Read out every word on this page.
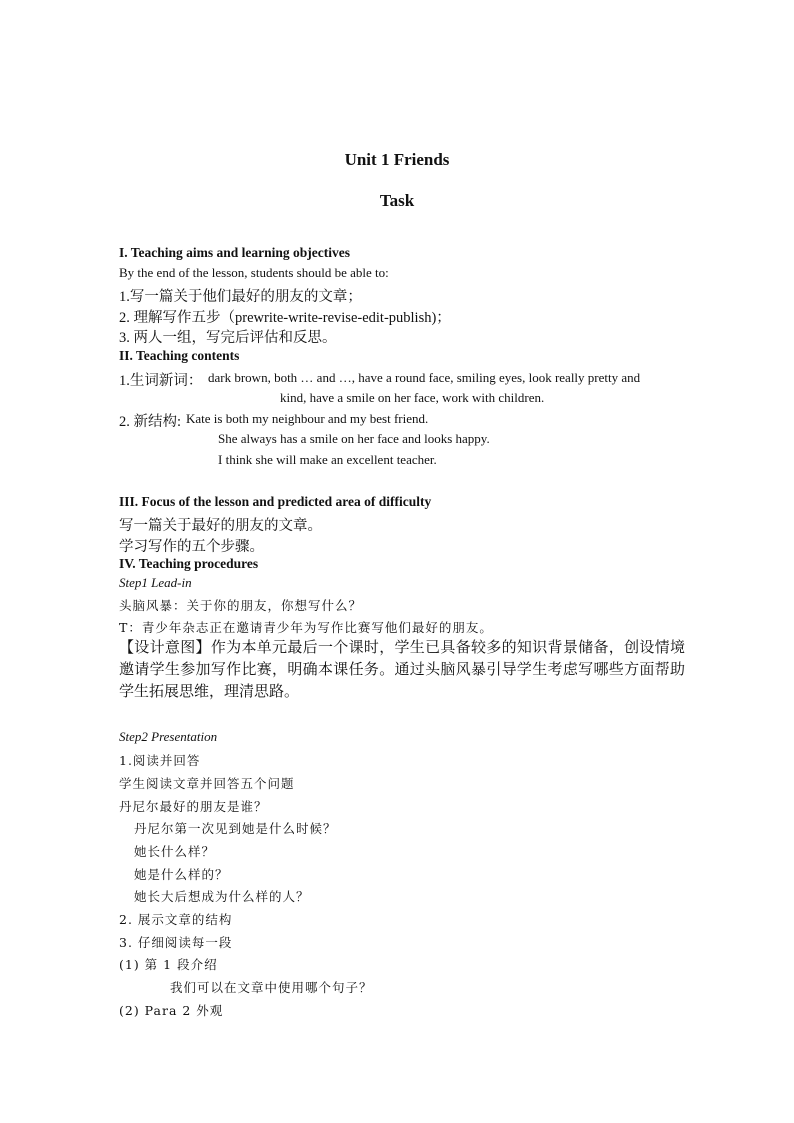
Unit 1 Friends
Task
I. Teaching aims and learning objectives
By the end of the lesson, students should be able to:
1.写一篇关于他们最好的朋友的文章；
2. 理解写作五步（prewrite-write-revise-edit-publish)；
3. 两人一组，写完后评估和反思。
II. Teaching contents
1.生词新词： dark brown, both … and …, have a round face, smiling eyes, look really pretty and
kind, have a smile on her face, work with children.
2. 新结构: Kate is both my neighbour and my best friend.
She always has a smile on her face and looks happy.
I think she will make an excellent teacher.
III. Focus of the lesson and predicted area of difficulty
写一篇关于最好的朋友的文章。
学习写作的五个步骤。
IV. Teaching procedures
Step1 Lead-in
头脑风暴：关于你的朋友，你想写什么？
T：青少年杂志正在邀请青少年为写作比赛写他们最好的朋友。
【设计意图】作为本单元最后一个课时，学生已具备较多的知识背景储备，创设情境邀请学生参加写作比赛，明确本课任务。通过头脑风暴引导学生考虑写哪些方面帮助学生拓展思维，理清思路。
Step2 Presentation
1.阅读并回答
学生阅读文章并回答五个问题
丹尼尔最好的朋友是谁？
丹尼尔第一次见到她是什么时候？
她长什么样？
她是什么样的？
她长大后想成为什么样的人？
2. 展示文章的结构
3. 仔细阅读每一段
(1) 第 1 段介绍
我们可以在文章中使用哪个句子？
(2) Para 2 外观
